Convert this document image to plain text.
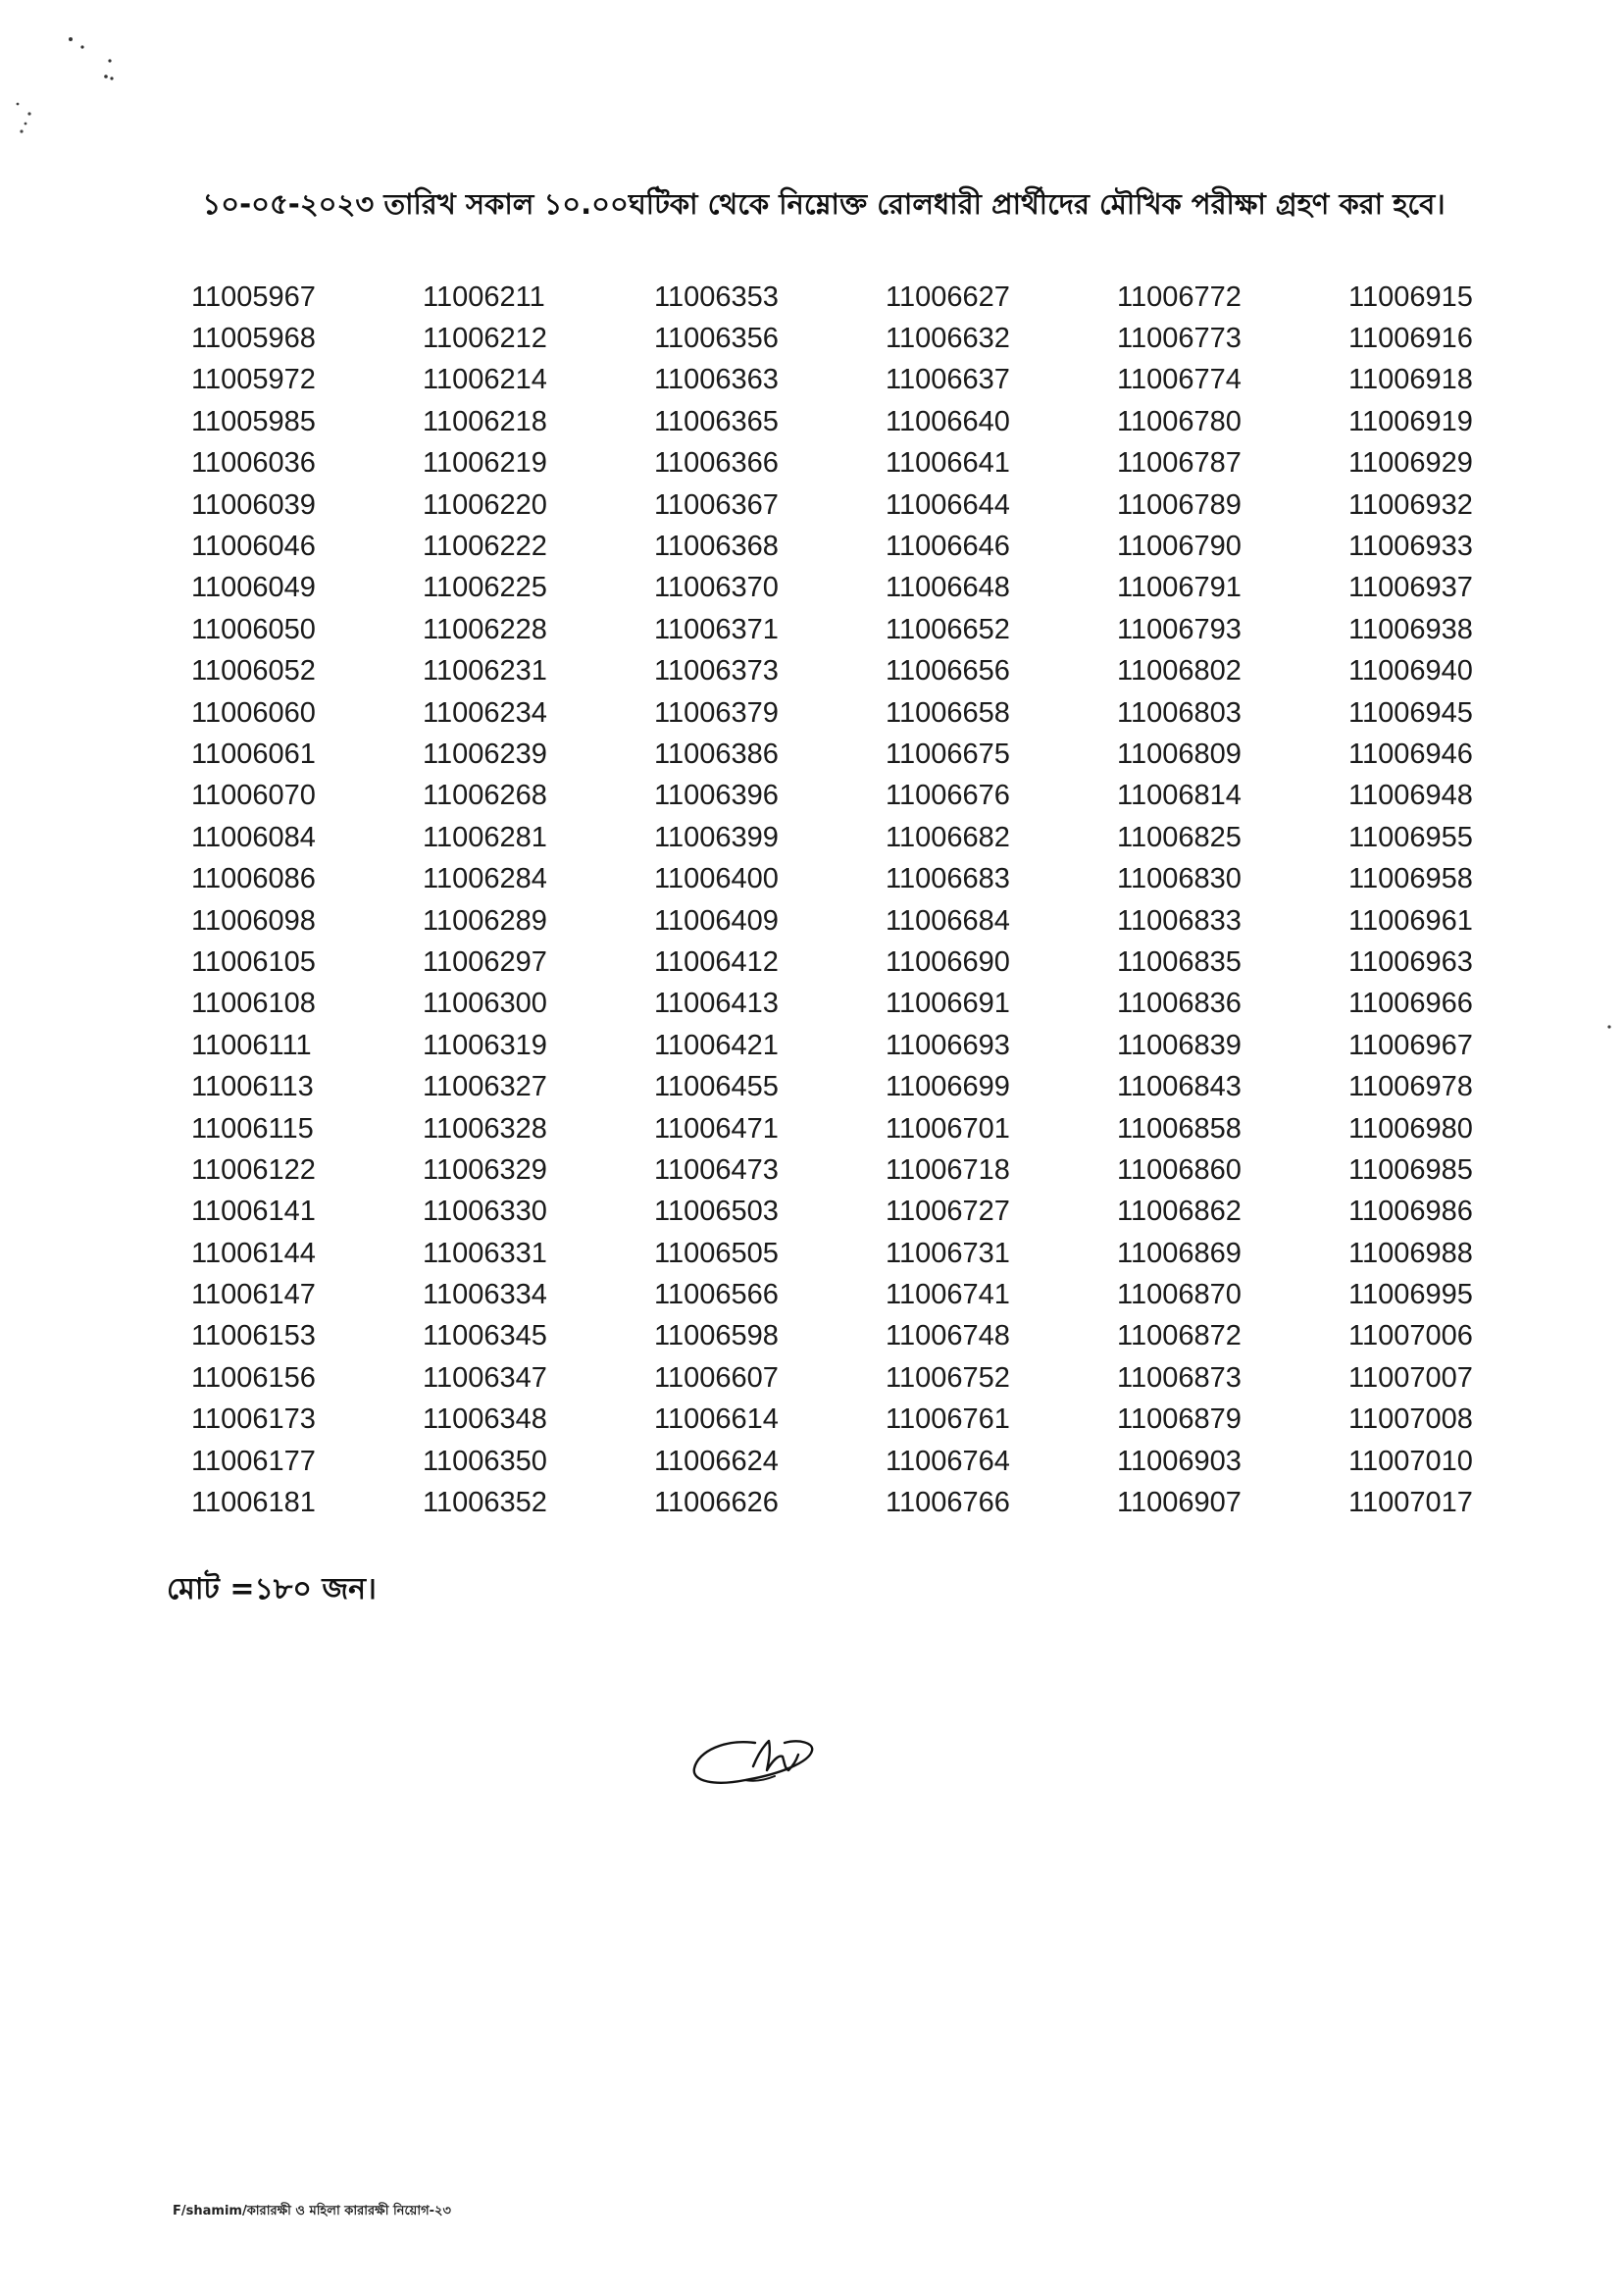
১০-০৫-২০২৩ তারিখ সকাল ১০.০০ঘটিকা থেকে নিম্নোক্ত রোলধারী প্রার্থীদের মৌখিক পরীক্ষা গ্রহণ করা হবে।
11005967	11006211	11006353	11006627	11006772	11006915
11005968	11006212	11006356	11006632	11006773	11006916
11005972	11006214	11006363	11006637	11006774	11006918
11005985	11006218	11006365	11006640	11006780	11006919
11006036	11006219	11006366	11006641	11006787	11006929
11006039	11006220	11006367	11006644	11006789	11006932
11006046	11006222	11006368	11006646	11006790	11006933
11006049	11006225	11006370	11006648	11006791	11006937
11006050	11006228	11006371	11006652	11006793	11006938
11006052	11006231	11006373	11006656	11006802	11006940
11006060	11006234	11006379	11006658	11006803	11006945
11006061	11006239	11006386	11006675	11006809	11006946
11006070	11006268	11006396	11006676	11006814	11006948
11006084	11006281	11006399	11006682	11006825	11006955
11006086	11006284	11006400	11006683	11006830	11006958
11006098	11006289	11006409	11006684	11006833	11006961
11006105	11006297	11006412	11006690	11006835	11006963
11006108	11006300	11006413	11006691	11006836	11006966
11006111	11006319	11006421	11006693	11006839	11006967
11006113	11006327	11006455	11006699	11006843	11006978
11006115	11006328	11006471	11006701	11006858	11006980
11006122	11006329	11006473	11006718	11006860	11006985
11006141	11006330	11006503	11006727	11006862	11006986
11006144	11006331	11006505	11006731	11006869	11006988
11006147	11006334	11006566	11006741	11006870	11006995
11006153	11006345	11006598	11006748	11006872	11007006
11006156	11006347	11006607	11006752	11006873	11007007
11006173	11006348	11006614	11006761	11006879	11007008
11006177	11006350	11006624	11006764	11006903	11007010
11006181	11006352	11006626	11006766	11006907	11007017
মোট =১৮০ জন।
F/shamim/কারারক্ষী ও মহিলা কারারক্ষী নিয়োগ-২৩
